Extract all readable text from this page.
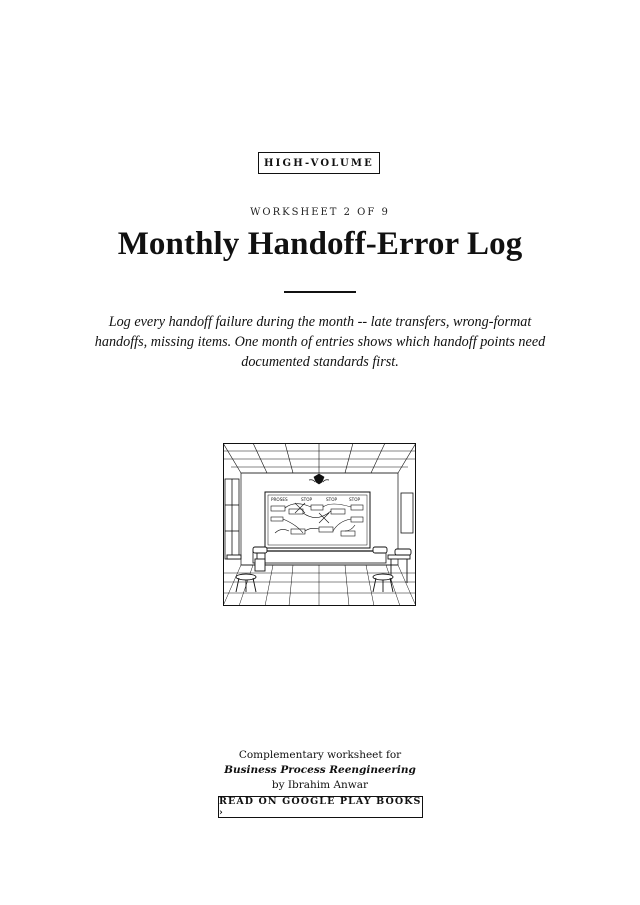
HIGH-VOLUME
WORKSHEET 2 OF 9
Monthly Handoff-Error Log

Log every handoff failure during the month -- late transfers, wrong-format handoffs, missing items. One month of entries shows which handoff points need documented standards first.

PROSES	STOP	STOP	STOP
Complementary worksheet for
Business Process Reengineering
by Ibrahim Anwar
READ ON GOOGLE PLAY BOOKS ›
